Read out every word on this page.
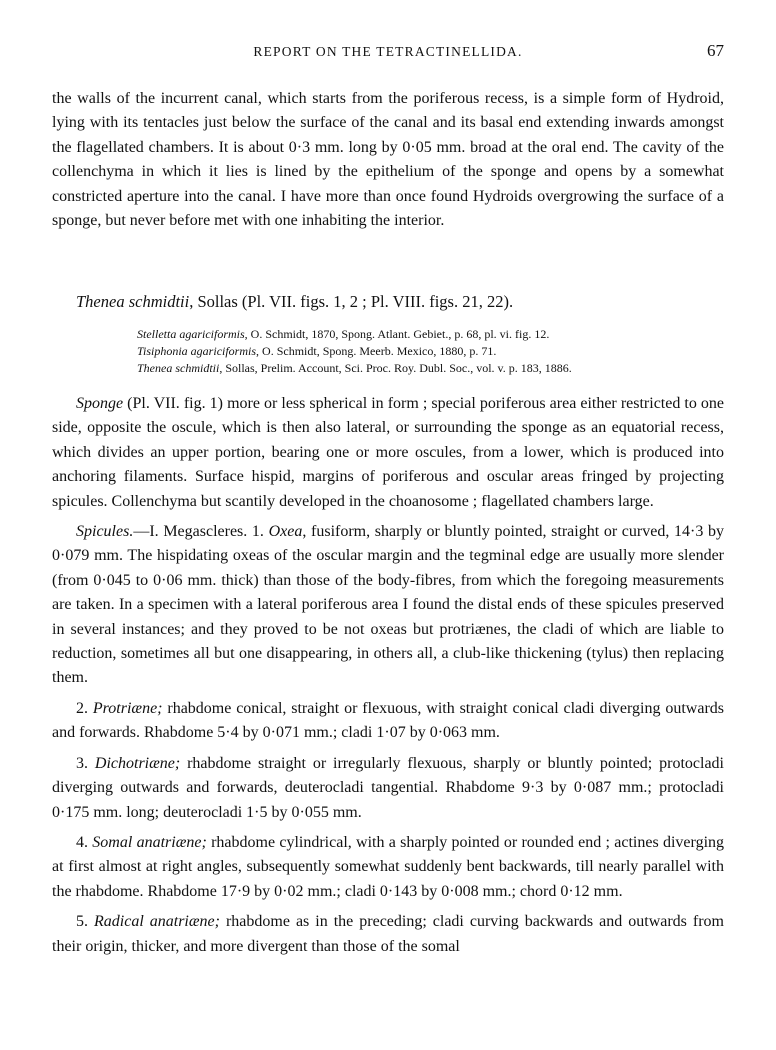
REPORT ON THE TETRACTINELLIDA.	67
the walls of the incurrent canal, which starts from the poriferous recess, is a simple form of Hydroid, lying with its tentacles just below the surface of the canal and its basal end extending inwards amongst the flagellated chambers. It is about 0·3 mm. long by 0·05 mm. broad at the oral end. The cavity of the collenchyma in which it lies is lined by the epithelium of the sponge and opens by a somewhat constricted aperture into the canal. I have more than once found Hydroids overgrowing the surface of a sponge, but never before met with one inhabiting the interior.
Thenea schmidtii, Sollas (Pl. VII. figs. 1, 2 ; Pl. VIII. figs. 21, 22).
Stelletta agariciformis, O. Schmidt, 1870, Spong. Atlant. Gebiet., p. 68, pl. vi. fig. 12.
Tisiphonia agariciformis, O. Schmidt, Spong. Meerb. Mexico, 1880, p. 71.
Thenea schmidtii, Sollas, Prelim. Account, Sci. Proc. Roy. Dubl. Soc., vol. v. p. 183, 1886.

Sponge (Pl. VII. fig. 1) more or less spherical in form ; special poriferous area either restricted to one side, opposite the oscule, which is then also lateral, or surrounding the sponge as an equatorial recess, which divides an upper portion, bearing one or more oscules, from a lower, which is produced into anchoring filaments. Surface hispid, margins of poriferous and oscular areas fringed by projecting spicules. Collenchyma but scantily developed in the choanosome ; flagellated chambers large.

Spicules.—I. Megascleres. 1. Oxea, fusiform, sharply or bluntly pointed, straight or curved, 14·3 by 0·079 mm. The hispidating oxeas of the oscular margin and the tegminal edge are usually more slender (from 0·045 to 0·06 mm. thick) than those of the body-fibres, from which the foregoing measurements are taken. In a specimen with a lateral poriferous area I found the distal ends of these spicules preserved in several instances; and they proved to be not oxeas but protriænes, the cladi of which are liable to reduction, sometimes all but one disappearing, in others all, a club-like thickening (tylus) then replacing them.

2. Protriæne; rhabdome conical, straight or flexuous, with straight conical cladi diverging outwards and forwards. Rhabdome 5·4 by 0·071 mm.; cladi 1·07 by 0·063 mm.

3. Dichotriæne; rhabdome straight or irregularly flexuous, sharply or bluntly pointed; protocladi diverging outwards and forwards, deuterocladi tangential. Rhabdome 9·3 by 0·087 mm.; protocladi 0·175 mm. long; deuterocladi 1·5 by 0·055 mm.

4. Somal anatriæne; rhabdome cylindrical, with a sharply pointed or rounded end ; actines diverging at first almost at right angles, subsequently somewhat suddenly bent backwards, till nearly parallel with the rhabdome. Rhabdome 17·9 by 0·02 mm.; cladi 0·143 by 0·008 mm.; chord 0·12 mm.

5. Radical anatriæne; rhabdome as in the preceding; cladi curving backwards and outwards from their origin, thicker, and more divergent than those of the somal
